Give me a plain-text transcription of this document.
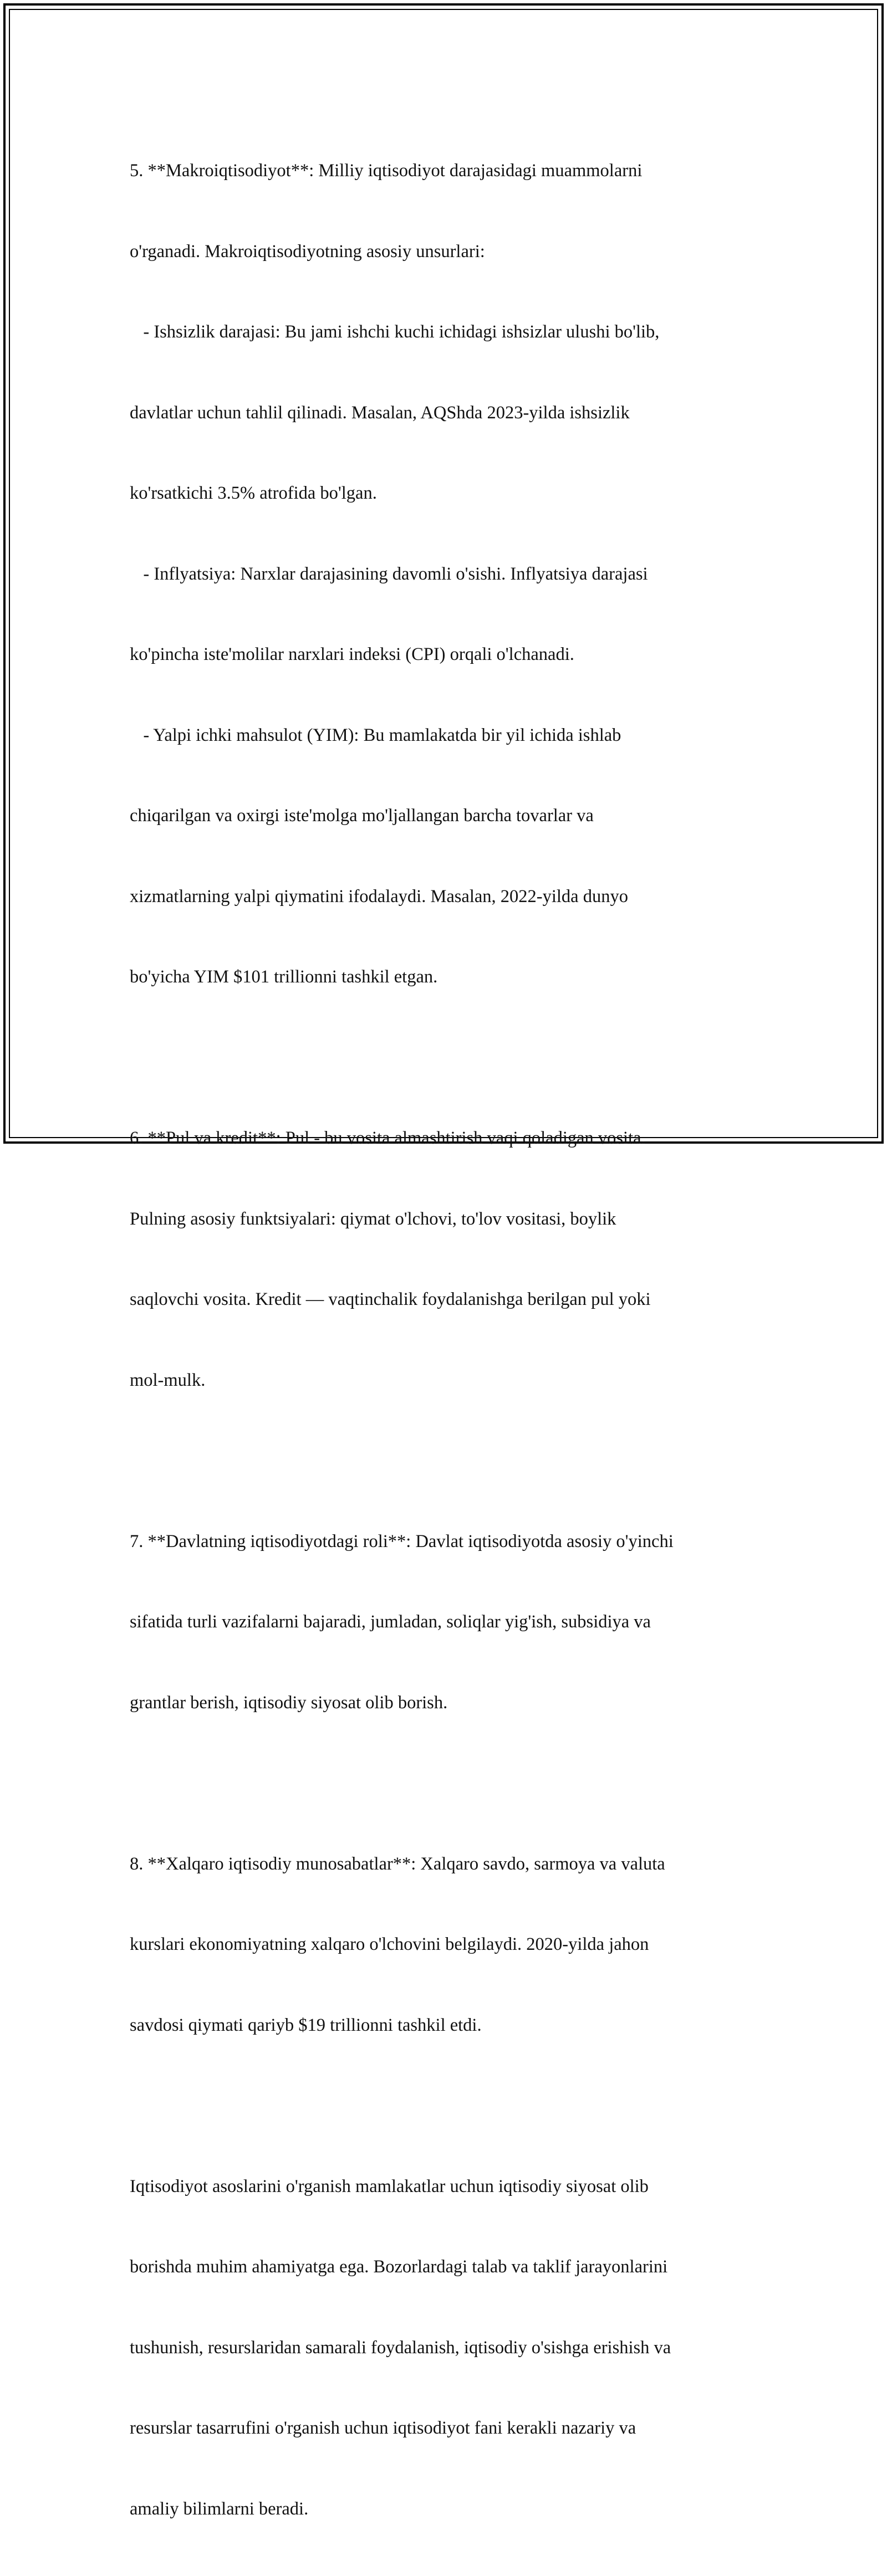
5. **Makroiqtisodiyot**: Milliy iqtisodiyot darajasidagi muammolarni

o'rganadi. Makroiqtisodiyotning asosiy unsurlari:

- Ishsizlik darajasi: Bu jami ishchi kuchi ichidagi ishsizlar ulushi bo'lib,

davlatlar uchun tahlil qilinadi. Masalan, AQShda 2023-yilda ishsizlik

ko'rsatkichi 3.5% atrofida bo'lgan.

- Inflyatsiya: Narxlar darajasining davomli o'sishi. Inflyatsiya darajasi

ko'pincha iste'molilar narxlari indeksi (CPI) orqali o'lchanadi.

- Yalpi ichki mahsulot (YIM): Bu mamlakatda bir yil ichida ishlab

chiqarilgan va oxirgi iste'molga mo'ljallangan barcha tovarlar va

xizmatlarning yalpi qiymatini ifodalaydi. Masalan, 2022-yilda dunyo

bo'yicha YIM $101 trillionni tashkil etgan.

6. **Pul va kredit**: Pul - bu vosita almashtirish vaqi qoladigan vosita.

Pulning asosiy funktsiyalari: qiymat o'lchovi, to'lov vositasi, boylik

saqlovchi vosita. Kredit — vaqtinchalik foydalanishga berilgan pul yoki

mol-mulk.

7. **Davlatning iqtisodiyotdagi roli**: Davlat iqtisodiyotda asosiy o'yinchi

sifatida turli vazifalarni bajaradi, jumladan, soliqlar yig'ish, subsidiya va

grantlar berish, iqtisodiy siyosat olib borish.

8. **Xalqaro iqtisodiy munosabatlar**: Xalqaro savdo, sarmoya va valuta

kurslari ekonomiyatning xalqaro o'lchovini belgilaydi. 2020-yilda jahon

savdosi qiymati qariyb $19 trillionni tashkil etdi.

Iqtisodiyot asoslarini o'rganish mamlakatlar uchun iqtisodiy siyosat olib

borishda muhim ahamiyatga ega. Bozorlardagi talab va taklif jarayonlarini

tushunish, resurslaridan samarali foydalanish, iqtisodiy o'sishga erishish va

resurslar tasarrufini o'rganish uchun iqtisodiyot fani kerakli nazariy va

amaliy bilimlarni beradi.
